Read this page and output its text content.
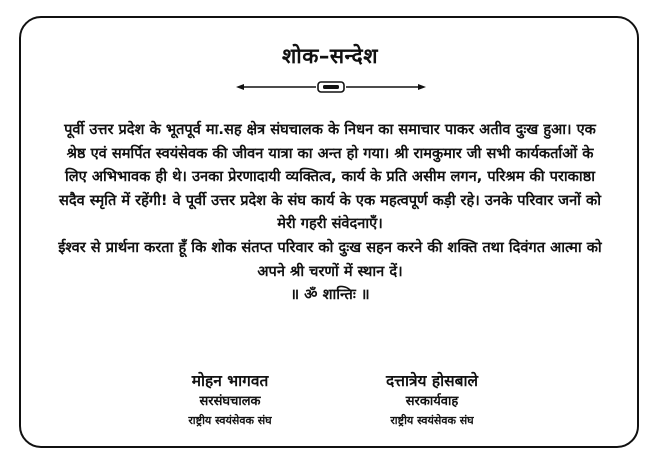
शोक–सन्देश

पूर्वी उत्तर प्रदेश के भूतपूर्व मा.सह क्षेत्र संघचालक के निधन का समाचार पाकर अतीव दुःख हुआ। एक श्रेष्ठ एवं समर्पित स्वयंसेवक की जीवन यात्रा का अन्त हो गया। श्री रामकुमार जी सभी कार्यकर्ताओं के लिए अभिभावक ही थे। उनका प्रेरणादायी व्यक्तित्व, कार्य के प्रति असीम लगन, परिश्रम की पराकाष्ठा सदैव स्मृति में रहेंगी! वे पूर्वी उत्तर प्रदेश के संघ कार्य के एक महत्वपूर्ण कड़ी रहे। उनके परिवार जनों को मेरी गहरी संवेदनाएँ।

ईश्वर से प्रार्थना करता हूँ कि शोक संतप्त परिवार को दुःख सहन करने की शक्ति तथा दिवंगत आत्मा को अपने श्री चरणों में स्थान दें।

॥ ॐ शान्तिः ॥

मोहन भागवत
सरसंघचालक
राष्ट्रीय स्वयंसेवक संघ
दत्तात्रेय होसबाले
सरकार्यवाह
राष्ट्रीय स्वयंसेवक संघ
